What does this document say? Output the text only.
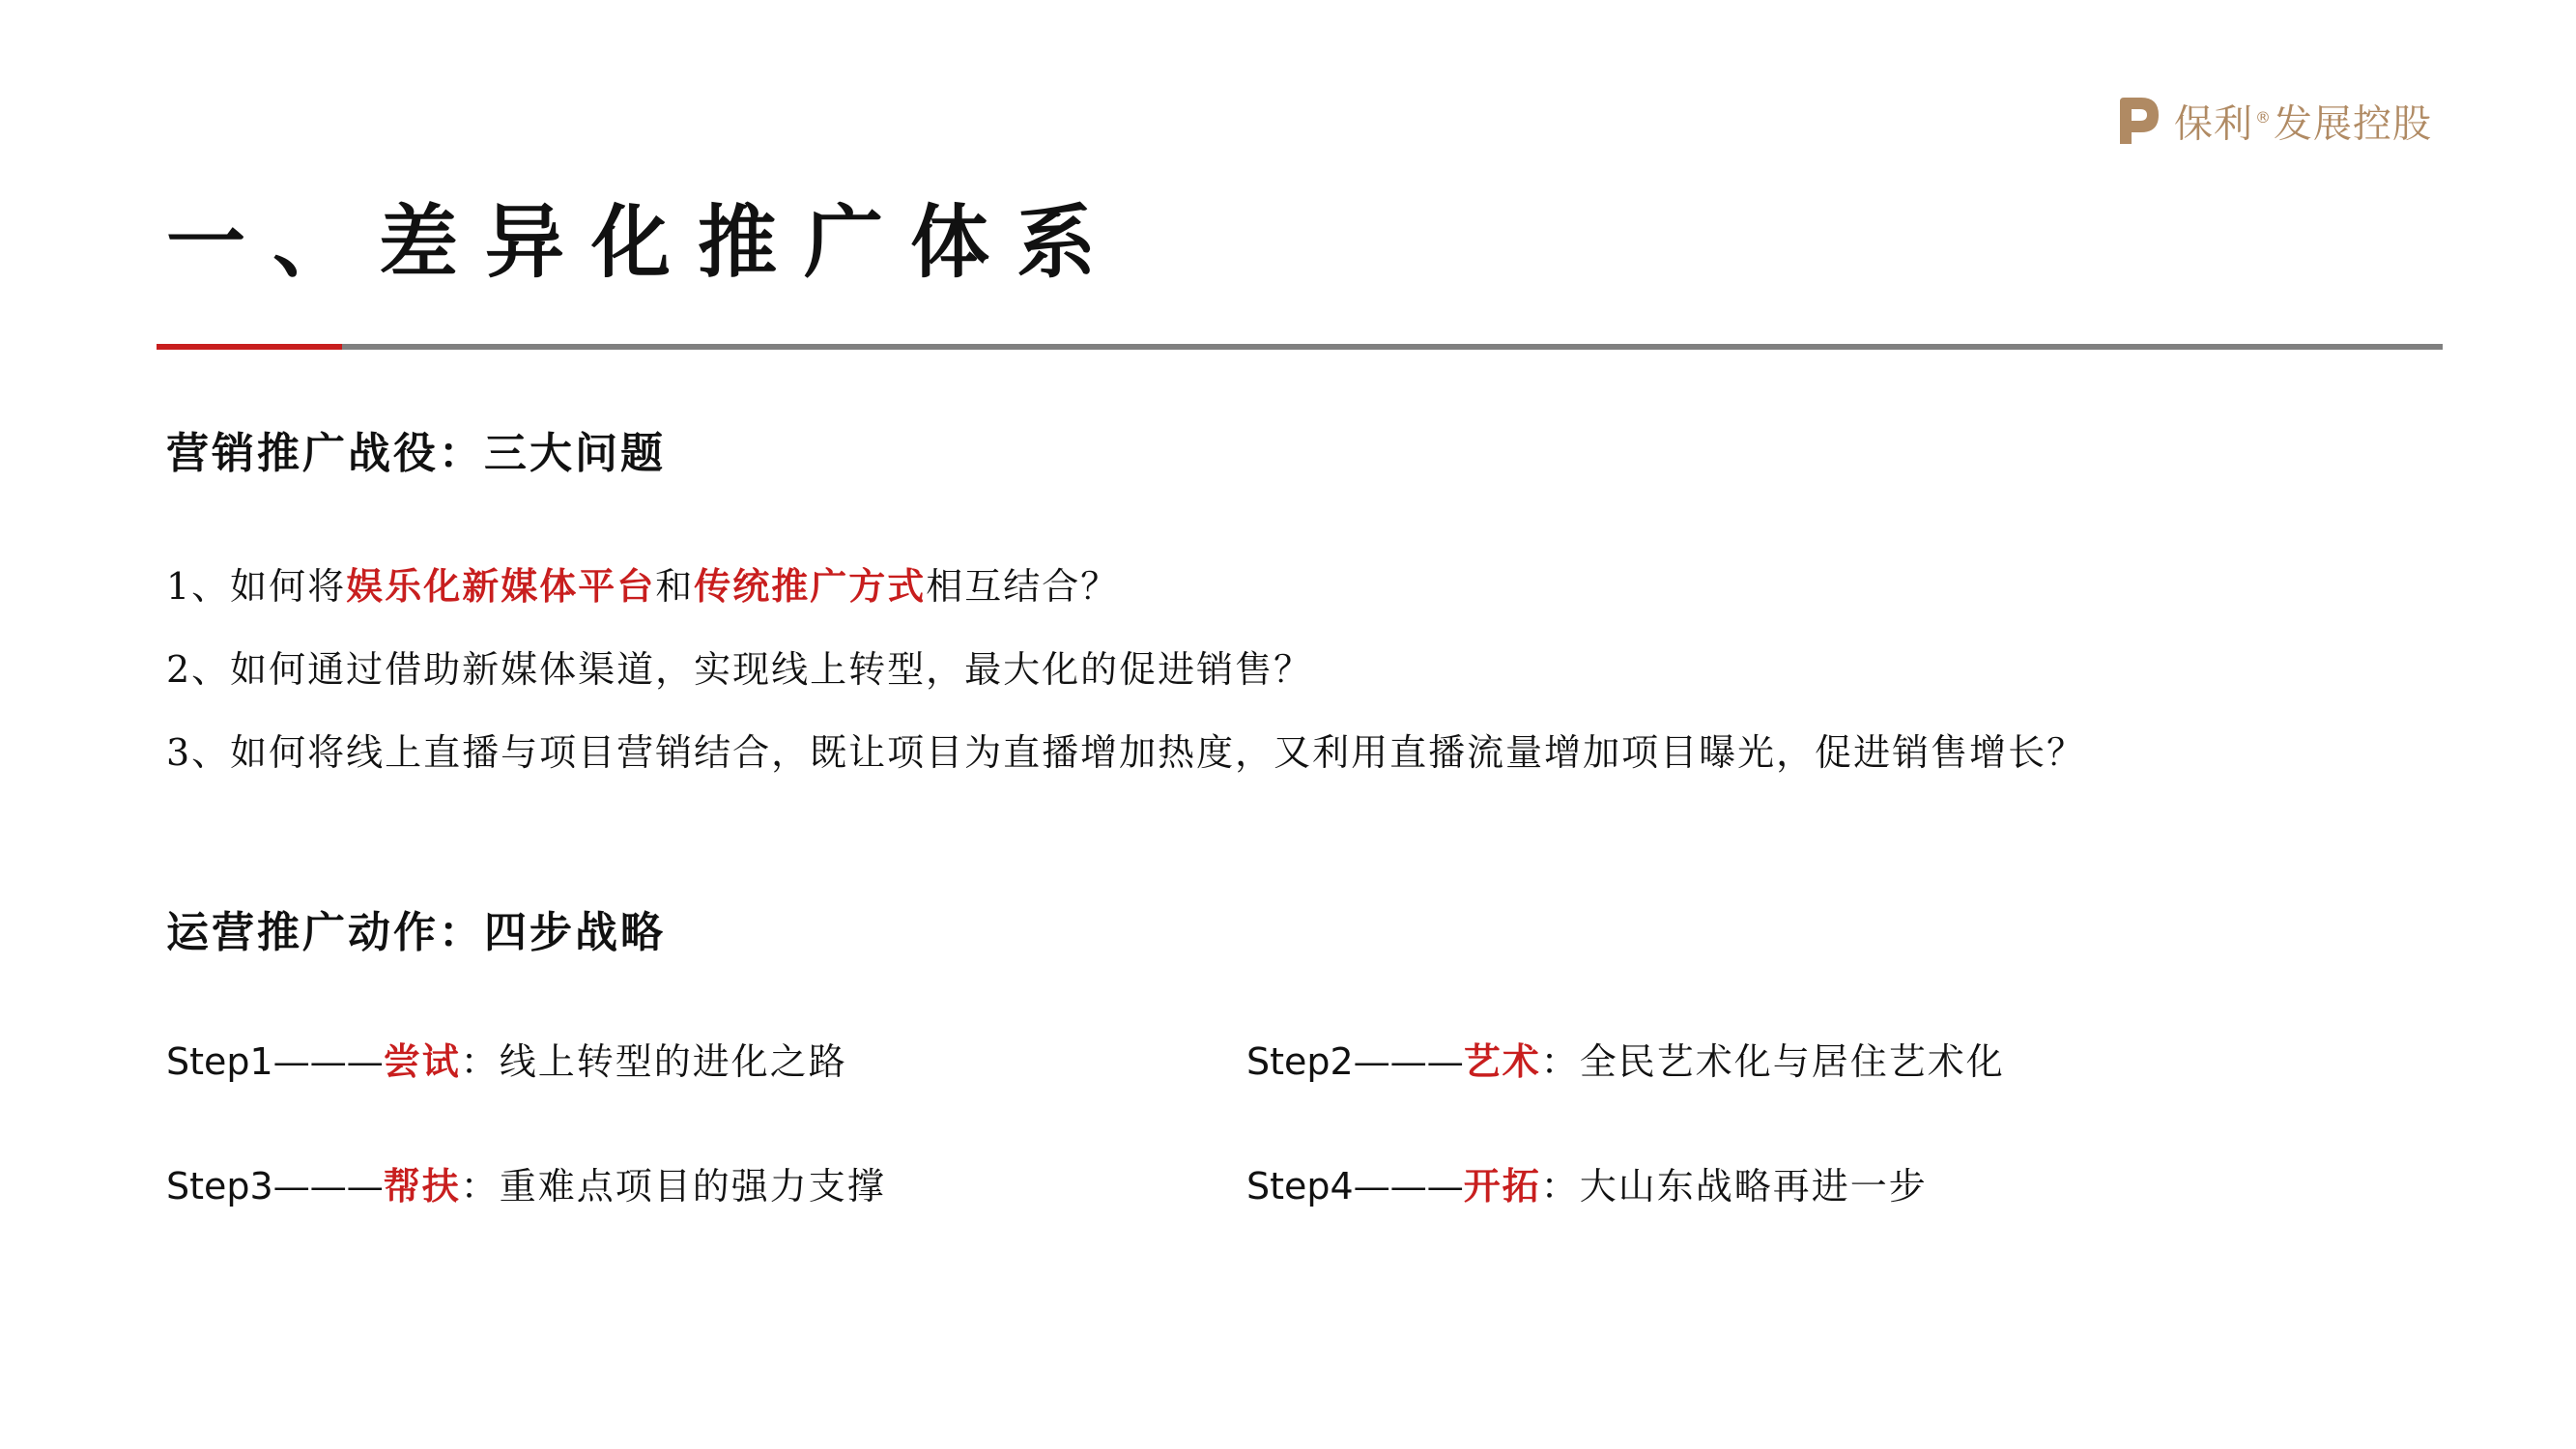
保利 ®发展控股
一、差异化推广体系
营销推广战役：三大问题
1、如何将娱乐化新媒体平台和传统推广方式相互结合？
2、如何通过借助新媒体渠道，实现线上转型，最大化的促进销售？
3、如何将线上直播与项目营销结合，既让项目为直播增加热度，又利用直播流量增加项目曝光，促进销售增长？
运营推广动作：四步战略
Step1———尝试：线上转型的进化之路	Step2———艺术：全民艺术化与居住艺术化
Step3———帮扶：重难点项目的强力支撑	Step4———开拓：大山东战略再进一步
